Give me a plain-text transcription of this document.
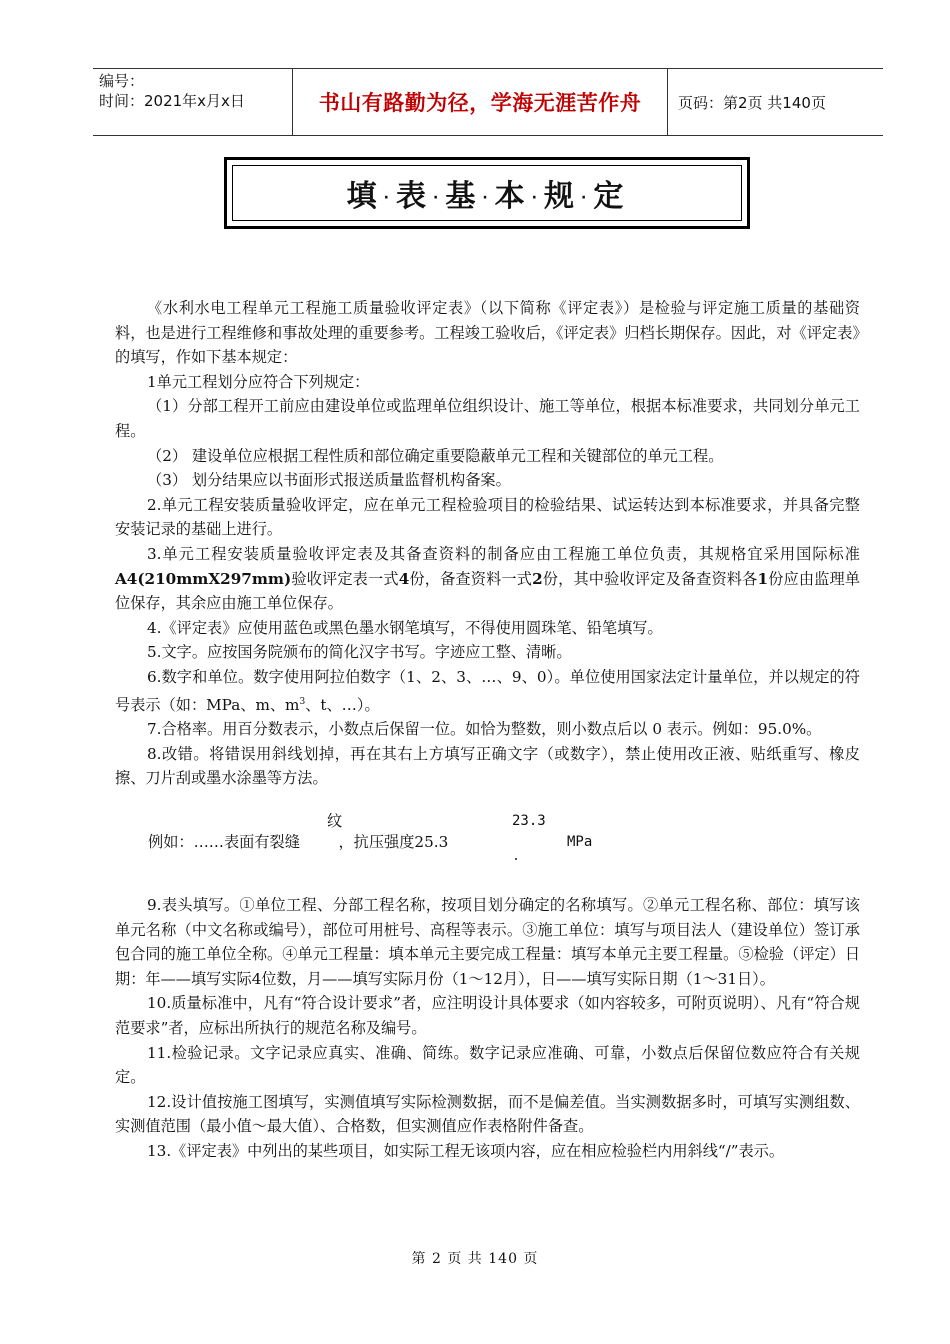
编号：
时间：2021年x月x日	书山有路勤为径，学海无涯苦作舟	页码：第2页 共140页
填 · 表 · 基 · 本 · 规 · 定

《水利水电工程单元工程施工质量验收评定表》（以下简称《评定表》）是检验与评定施工质量的基础资料，也是进行工程维修和事故处理的重要参考。工程竣工验收后，《评定表》归档长期保存。因此，对《评定表》的填写，作如下基本规定：

1单元工程划分应符合下列规定：

（1）分部工程开工前应由建设单位或监理单位组织设计、施工等单位，根据本标准要求，共同划分单元工程。

（2） 建设单位应根据工程性质和部位确定重要隐蔽单元工程和关键部位的单元工程。

（3） 划分结果应以书面形式报送质量监督机构备案。

2.单元工程安装质量验收评定，应在单元工程检验项目的检验结果、试运转达到本标准要求，并具备完整安装记录的基础上进行。

3.单元工程安装质量验收评定表及其备查资料的制备应由工程施工单位负责，其规格宜采用国际标准A4(210mmX297mm)验收评定表一式4份，备查资料一式2份，其中验收评定及备查资料各1份应由监理单位保存，其余应由施工单位保存。

4.《评定表》应使用蓝色或黑色墨水钢笔填写，不得使用圆珠笔、铅笔填写。

5.文字。应按国务院颁布的简化汉字书写。字迹应工整、清晰。

6.数字和单位。数字使用阿拉伯数字（1、2、3、…、9、0）。单位使用国家法定计量单位，并以规定的符号表示（如：MPa、m、$m^3$、t、…）。

7.合格率。用百分数表示，小数点后保留一位。如恰为整数，则小数点后以 0 表示。例如：95.0%。

8.改错。将错误用斜线划掉，再在其右上方填写正确文字（或数字），禁止使用改正液、贴纸重写、橡皮擦、刀片刮或墨水涂墨等方法。

例如：……表面有裂缝        ，抗压强度25.3
纹	23.3
MPa

9.表头填写。①单位工程、分部工程名称，按项目划分确定的名称填写。②单元工程名称、部位：填写该单元名称（中文名称或编号），部位可用桩号、高程等表示。③施工单位：填写与项目法人（建设单位）签订承包合同的施工单位全称。④单元工程量：填本单元主要完成工程量：填写本单元主要工程量。⑤检验（评定）日期：年——填写实际4位数，月——填写实际月份（1～12月），日——填写实际日期（1～31日）。

10.质量标准中，凡有“符合设计要求”者，应注明设计具体要求（如内容较多，可附页说明）、凡有“符合规范要求”者，应标出所执行的规范名称及编号。

11.检验记录。文字记录应真实、准确、简练。数字记录应准确、可靠，小数点后保留位数应符合有关规定。

12.设计值按施工图填写，实测值填写实际检测数据，而不是偏差值。当实测数据多时，可填写实测组数、实测值范围（最小值～最大值）、合格数，但实测值应作表格附件备查。

13.《评定表》中列出的某些项目，如实际工程无该项内容，应在相应检验栏内用斜线“/”表示。

第 2 页 共 140 页
